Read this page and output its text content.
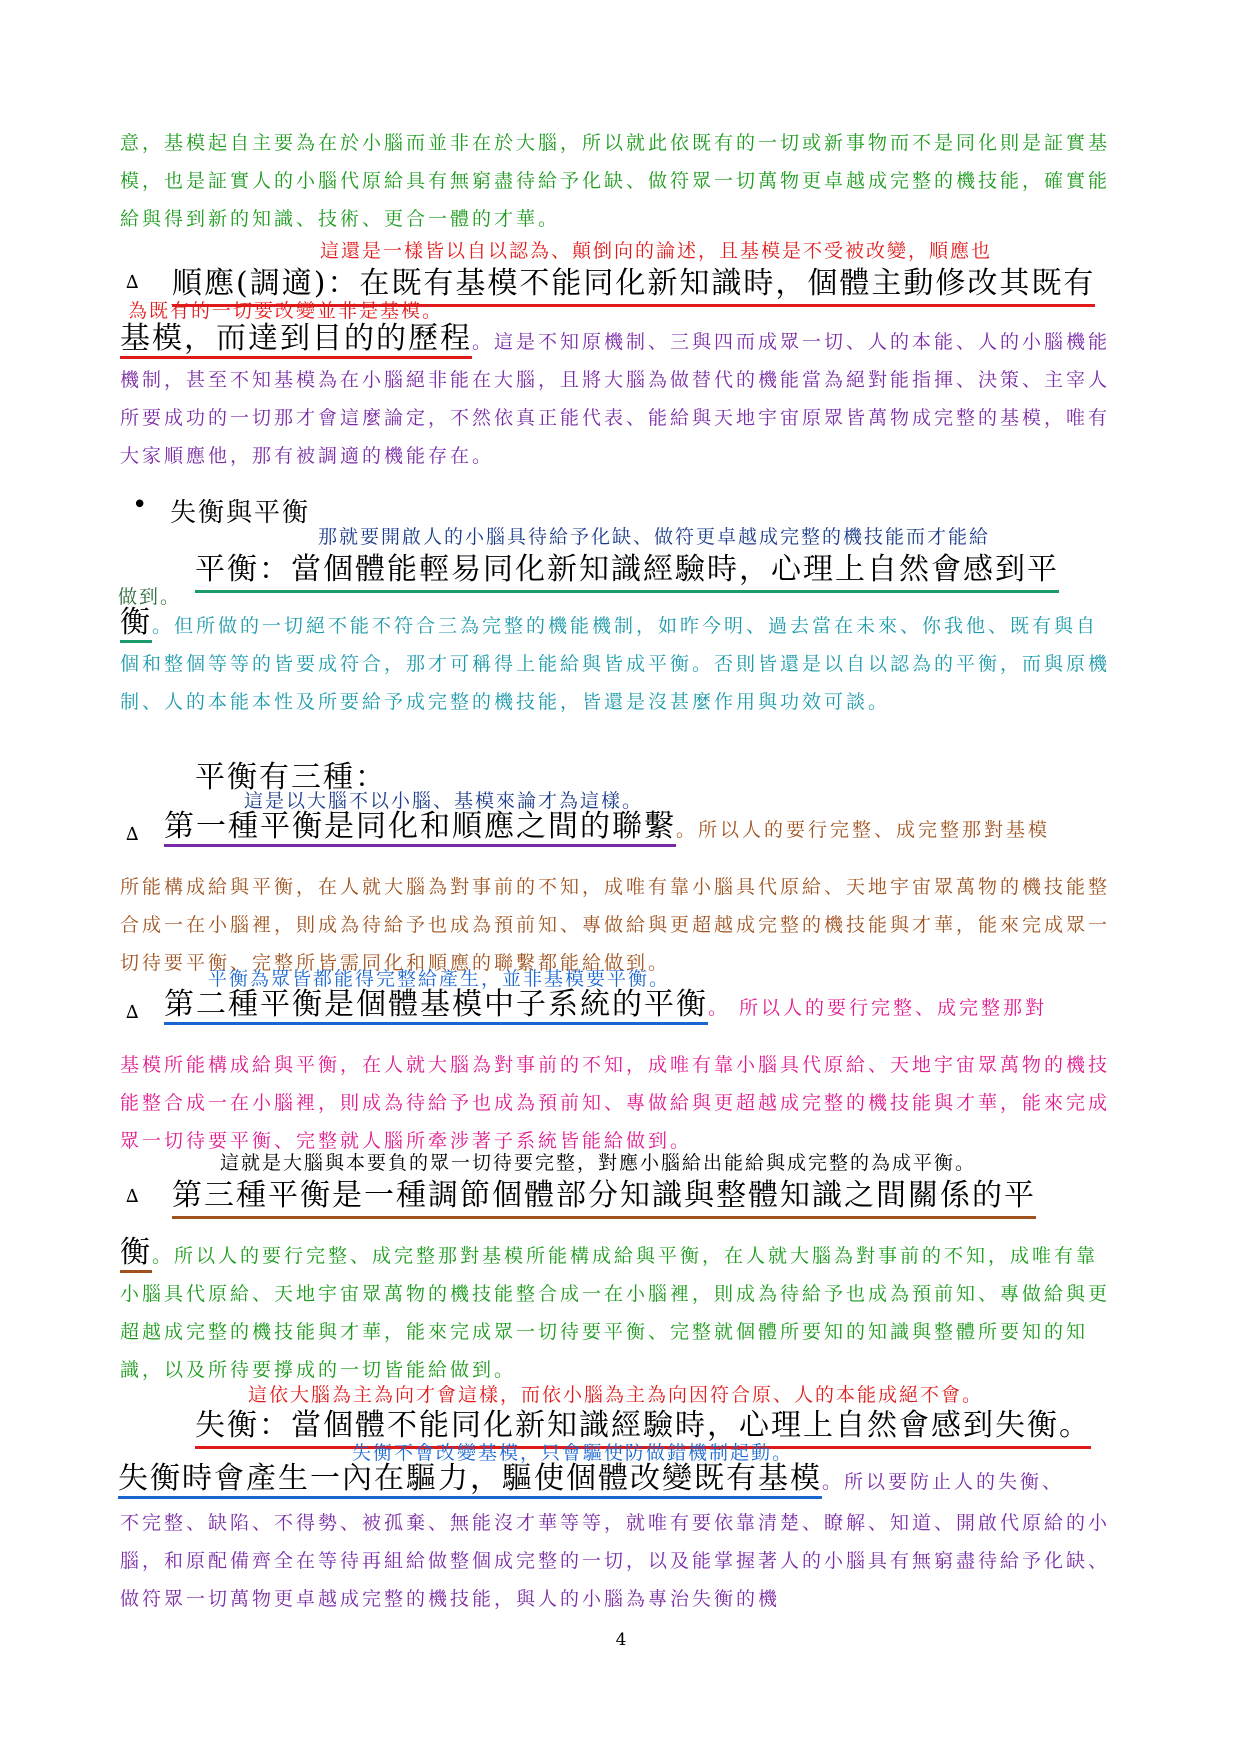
意，基模起自主要為在於小腦而並非在於大腦，所以就此依既有的一切或新事物而不是同化則是証實基模，也是証實人的小腦代原給具有無窮盡待給予化缺、做符眾一切萬物更卓越成完整的機技能，確實能給與得到新的知識、技術、更合一體的才華。

這還是一樣皆以自以認為、顛倒向的論述，且基模是不受被改變，順應也

∆ 順應(調適)：在既有基模不能同化新知識時，個體主動修改其既有

為既有的一切要改變並非是基模。

基模，而達到目的的歷程。這是不知原機制、三與四而成眾一切、人的本能、人的小腦機能機制，甚至不知基模為在小腦絕非能在大腦，且將大腦為做替代的機能當為絕對能指揮、決策、主宰人所要成功的一切那才會這麼論定，不然依真正能代表、能給與天地宇宙原眾皆萬物成完整的基模，唯有大家順應他，那有被調適的機能存在。

• 失衡與平衡

那就要開啟人的小腦具待給予化缺、做符更卓越成完整的機技能而才能給

平衡：當個體能輕易同化新知識經驗時，心理上自然會感到平

做到。

衡。但所做的一切絕不能不符合三為完整的機能機制，如昨今明、過去當在未來、你我他、既有與自個和整個等等的皆要成符合，那才可稱得上能給與皆成平衡。否則皆還是以自以認為的平衡，而與原機制、人的本能本性及所要給予成完整的機技能，皆還是沒甚麼作用與功效可談。

平衡有三種：

這是以大腦不以小腦、基模來論才為這樣。

∆ 第一種平衡是同化和順應之間的聯繫。所以人的要行完整、成完整那對基模

所能構成給與平衡，在人就大腦為對事前的不知，成唯有靠小腦具代原給、天地宇宙眾萬物的機技能整合成一在小腦裡，則成為待給予也成為預前知、專做給與更超越成完整的機技能與才華，能來完成眾一切待要平衡、完整所皆需同化和順應的聯繫都能給做到。

平衡為眾皆都能得完整給產生，並非基模要平衡。

∆ 第二種平衡是個體基模中子系統的平衡。 所以人的要行完整、成完整那對

基模所能構成給與平衡，在人就大腦為對事前的不知，成唯有靠小腦具代原給、天地宇宙眾萬物的機技能整合成一在小腦裡，則成為待給予也成為預前知、專做給與更超越成完整的機技能與才華，能來完成眾一切待要平衡、完整就人腦所牽涉著子系統皆能給做到。

這就是大腦與本要負的眾一切待要完整，對應小腦給出能給與成完整的為成平衡。

∆ 第三種平衡是一種調節個體部分知識與整體知識之間關係的平

衡。所以人的要行完整、成完整那對基模所能構成給與平衡，在人就大腦為對事前的不知，成唯有靠小腦具代原給、天地宇宙眾萬物的機技能整合成一在小腦裡，則成為待給予也成為預前知、專做給與更超越成完整的機技能與才華，能來完成眾一切待要平衡、完整就個體所要知的知識與整體所要知的知識，以及所待要撐成的一切皆能給做到。

這依大腦為主為向才會這樣，而依小腦為主為向因符合原、人的本能成絕不會。

失衡：當個體不能同化新知識經驗時，心理上自然會感到失衡。

失衡不會改變基模，只會驅使防做錯機制起動。

失衡時會產生一內在驅力，驅使個體改變既有基模。所以要防止人的失衡、

不完整、缺陷、不得勢、被孤棄、無能沒才華等等，就唯有要依靠清楚、瞭解、知道、開啟代原給的小腦，和原配備齊全在等待再組給做整個成完整的一切，以及能掌握著人的小腦具有無窮盡待給予化缺、做符眾一切萬物更卓越成完整的機技能，與人的小腦為專治失衡的機

4
